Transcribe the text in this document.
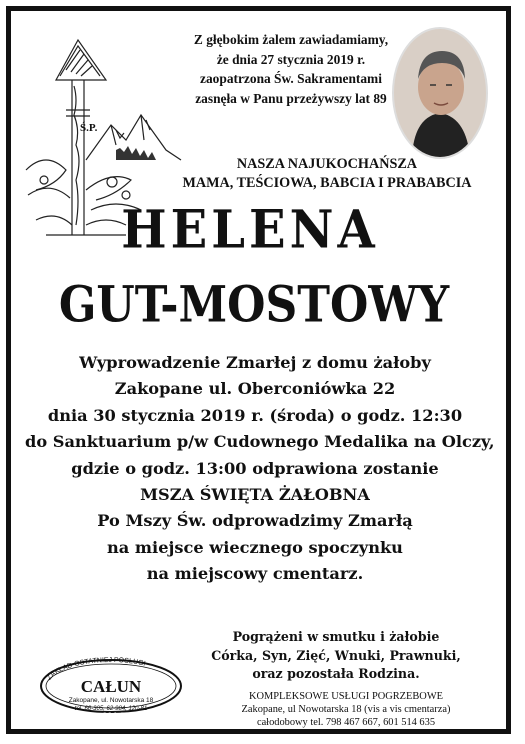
Ś.P.
Z głębokim żalem zawiadamiamy,
że dnia 27 stycznia 2019 r.
zaopatrzona Św. Sakramentami
zasnęła w Panu przeżywszy lat 89
NASZA NAJUKOCHAŃSZA
MAMA, TEŚCIOWA, BABCIA I PRABABCIA
HELENA
GUT-MOSTOWY
Wyprowadzenie Zmarłej z domu żałoby
Zakopane ul. Oberconiówka 22
dnia 30 stycznia 2019 r. (środa) o godz. 12:30
do Sanktuarium p/w Cudownego Medalika na Olczy,
gdzie o godz. 13:00 odprawiona zostanie
MSZA ŚWIĘTA ŻAŁOBNA
Po Mszy Św. odprowadzimy Zmarłą
na miejsce wiecznego spoczynku
na miejscowy cmentarz.
Pogrążeni w smutku i żałobie
Córka, Syn, Zięć, Wnuki, Prawnuki,
oraz pozostała Rodzina.
ZAKŁAD OSTATNIEJ POSŁUGI
CAŁUN
Zakopane, ul. Nowotarska 18
tel. 66-305, 62-984, 120-81
KOMPLEKSOWE USŁUGI POGRZEBOWE
Zakopane, ul Nowotarska 18 (vis a vis cmentarza)
całodobowy tel. 798 467 667, 601 514 635
tel. całodobowy: 601 514 635
